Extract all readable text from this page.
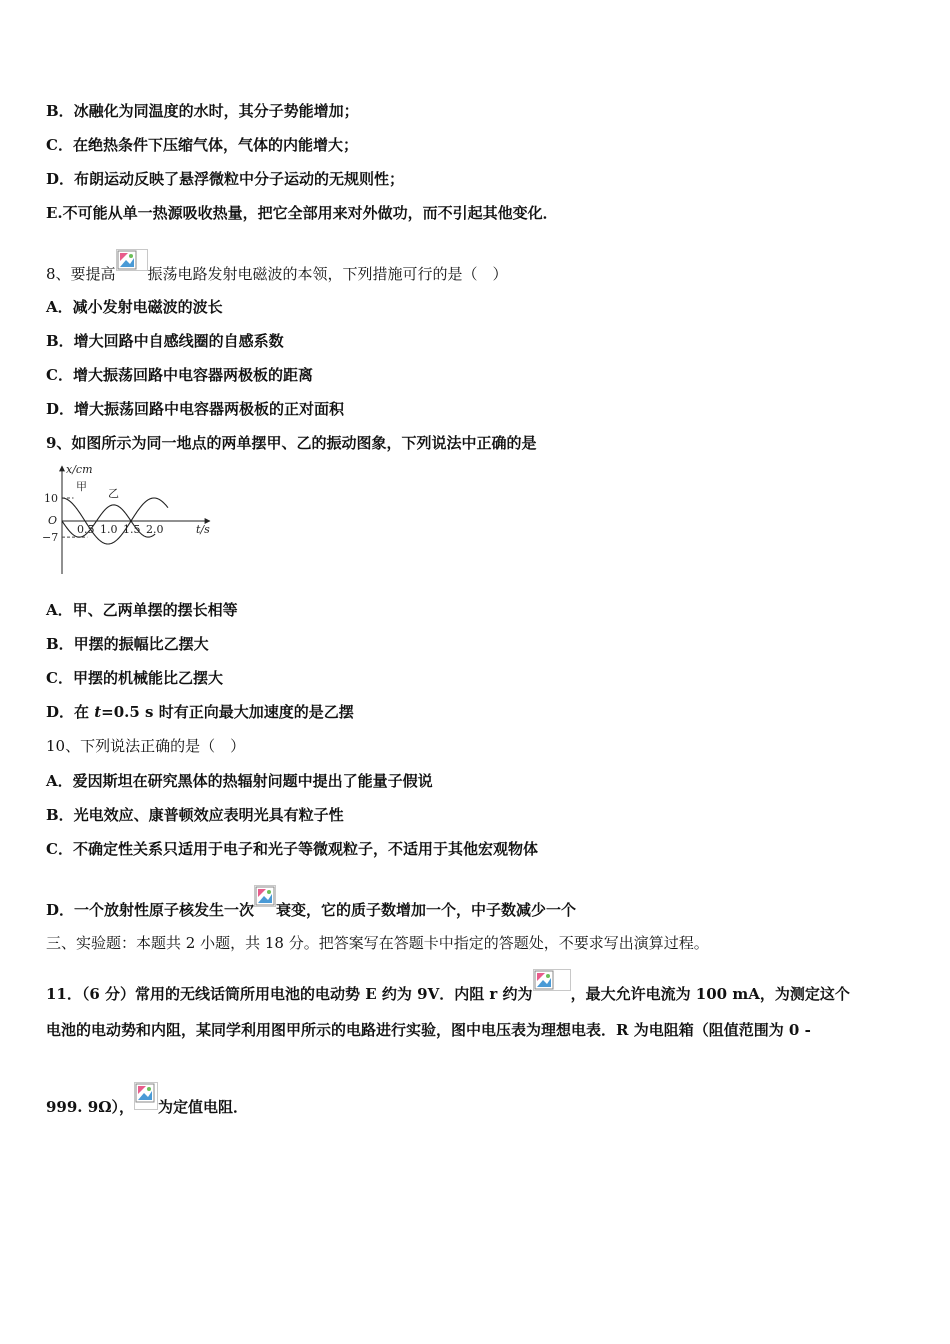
B．冰融化为同温度的水时，其分子势能增加；
C．在绝热条件下压缩气体，气体的内能增大；
D．布朗运动反映了悬浮微粒中分子运动的无规则性；
E.不可能从单一热源吸收热量，把它全部用来对外做功，而不引起其他变化．
8、要提高 振荡电路发射电磁波的本领，下列措施可行的是（　）
A．减小发射电磁波的波长
B．增大回路中自感线圈的自感系数
C．增大振荡回路中电容器两极板的距离
D．增大振荡回路中电容器两极板的正对面积
9、如图所示为同一地点的两单摆甲、乙的振动图象，下列说法中正确的是
x/cm
t/s
O
10
−7
0.5 1.0 1.5 2.0
甲
乙
A．甲、乙两单摆的摆长相等
B．甲摆的振幅比乙摆大
C．甲摆的机械能比乙摆大
D．在 t=0.5 s 时有正向最大加速度的是乙摆
10、下列说法正确的是（　）
A．爱因斯坦在研究黑体的热辐射问题中提出了能量子假说
B．光电效应、康普顿效应表明光具有粒子性
C．不确定性关系只适用于电子和光子等微观粒子，不适用于其他宏观物体
D．一个放射性原子核发生一次 衰变，它的质子数增加一个，中子数减少一个
三、实验题：本题共 2 小题，共 18 分。把答案写在答题卡中指定的答题处，不要求写出演算过程。
11．（6 分）常用的无线话筒所用电池的电动势 E 约为 9V．内阻 r 约为	，最大允许电流为 100 mA，为测定这个
电池的电动势和内阻，某同学利用图甲所示的电路进行实验，图中电压表为理想电表．R 为电阻箱（阻值范围为 0 -
999. 9Ω）， 为定值电阻．
